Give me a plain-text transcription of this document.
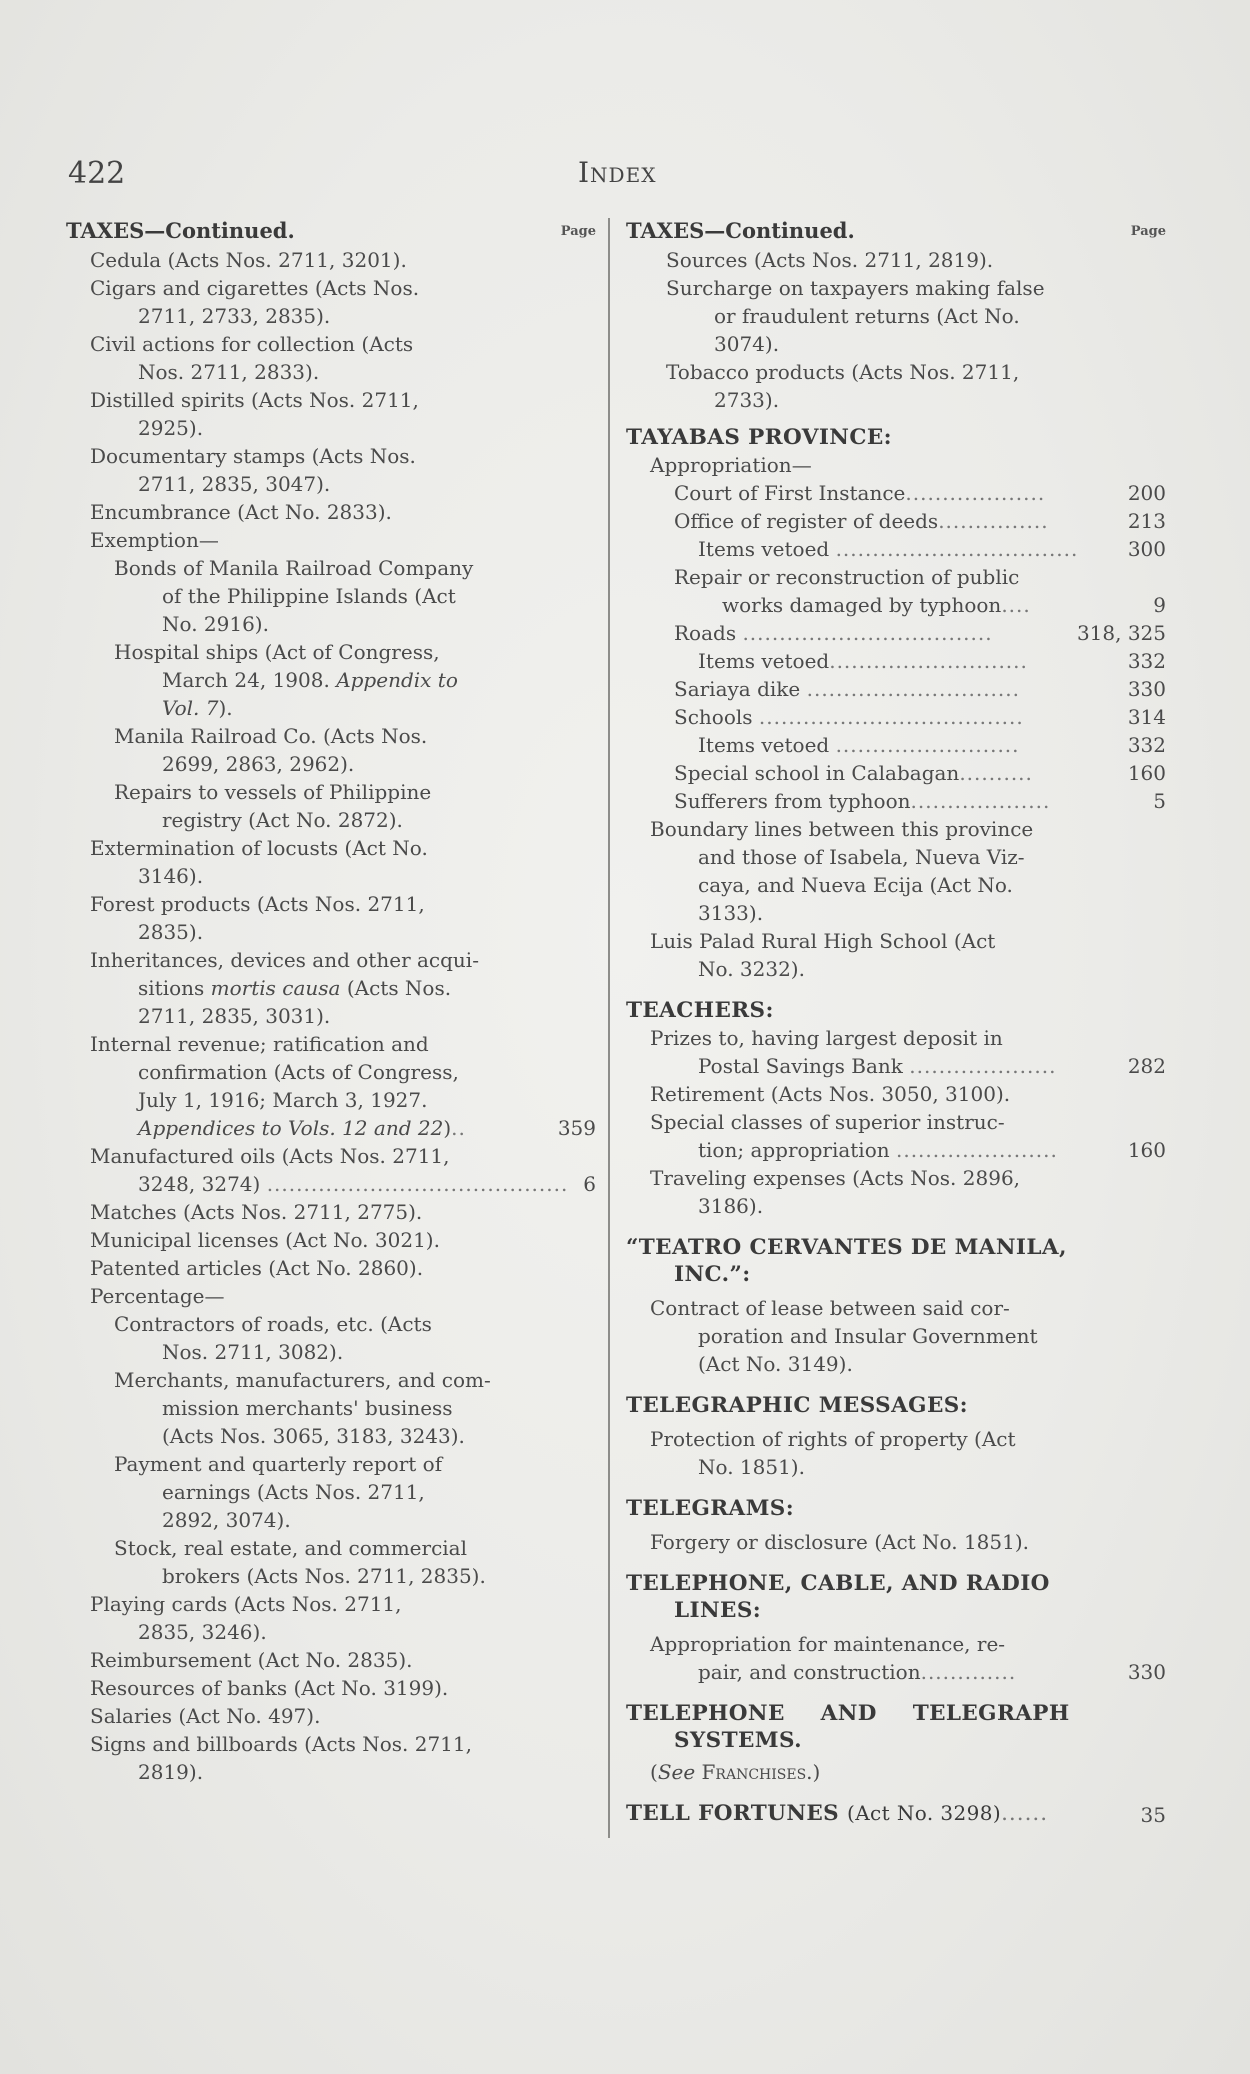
422	Index
TAXES—Continued.	Page
Cedula (Acts Nos. 2711, 3201).
Cigars and cigarettes (Acts Nos.
2711, 2733, 2835).
Civil actions for collection (Acts
Nos. 2711, 2833).
Distilled spirits (Acts Nos. 2711,
2925).
Documentary stamps (Acts Nos.
2711, 2835, 3047).
Encumbrance (Act No. 2833).
Exemption—
Bonds of Manila Railroad Company
of the Philippine Islands (Act
No. 2916).
Hospital ships (Act of Congress,
March 24, 1908. Appendix to
Vol. 7).
Manila Railroad Co. (Acts Nos.
2699, 2863, 2962).
Repairs to vessels of Philippine
registry (Act No. 2872).
Extermination of locusts (Act No.
3146).
Forest products (Acts Nos. 2711,
2835).
Inheritances, devices and other acqui-
sitions mortis causa (Acts Nos.
2711, 2835, 3031).
Internal revenue; ratification and
confirmation (Acts of Congress,
July 1, 1916; March 3, 1927.
Appendices to Vols. 12 and 22)..	359
Manufactured oils (Acts Nos. 2711,
3248, 3274) ......................................... 6
Matches (Acts Nos. 2711, 2775).
Municipal licenses (Act No. 3021).
Patented articles (Act No. 2860).
Percentage—
Contractors of roads, etc. (Acts
Nos. 2711, 3082).
Merchants, manufacturers, and com-
mission merchants' business
(Acts Nos. 3065, 3183, 3243).
Payment and quarterly report of
earnings (Acts Nos. 2711,
2892, 3074).
Stock, real estate, and commercial
brokers (Acts Nos. 2711, 2835).
Playing cards (Acts Nos. 2711,
2835, 3246).
Reimbursement (Act No. 2835).
Resources of banks (Act No. 3199).
Salaries (Act No. 497).
Signs and billboards (Acts Nos. 2711,
2819).
TAXES—Continued.	Page
Sources (Acts Nos. 2711, 2819).
Surcharge on taxpayers making false
or fraudulent returns (Act No.
3074).
Tobacco products (Acts Nos. 2711,
2733).
TAYABAS PROVINCE:
Appropriation—
Court of First Instance...................	200
Office of register of deeds...............	213
Items vetoed .................................	300
Repair or reconstruction of public
works damaged by typhoon....	9
Roads ..................................	318, 325
Items vetoed...........................	332
Sariaya dike .............................	330
Schools ....................................	314
Items vetoed .........................	332
Special school in Calabagan..........	160
Sufferers from typhoon...................	5
Boundary lines between this province
and those of Isabela, Nueva Viz-
caya, and Nueva Ecija (Act No.
3133).
Luis Palad Rural High School (Act
No. 3232).
TEACHERS:
Prizes to, having largest deposit in
Postal Savings Bank ....................	282
Retirement (Acts Nos. 3050, 3100).
Special classes of superior instruc-
tion; appropriation ......................	160
Traveling expenses (Acts Nos. 2896,
3186).
“TEATRO CERVANTES DE MANILA,
INC.”:
Contract of lease between said cor-
poration and Insular Government
(Act No. 3149).
TELEGRAPHIC MESSAGES:
Protection of rights of property (Act
No. 1851).
TELEGRAMS:
Forgery or disclosure (Act No. 1851).
TELEPHONE, CABLE, AND RADIO
LINES:
Appropriation for maintenance, re-
pair, and construction.............	330
TELEPHONE AND TELEGRAPH
SYSTEMS.
(See Franchises.)
TELL FORTUNES (Act No. 3298)......	35
